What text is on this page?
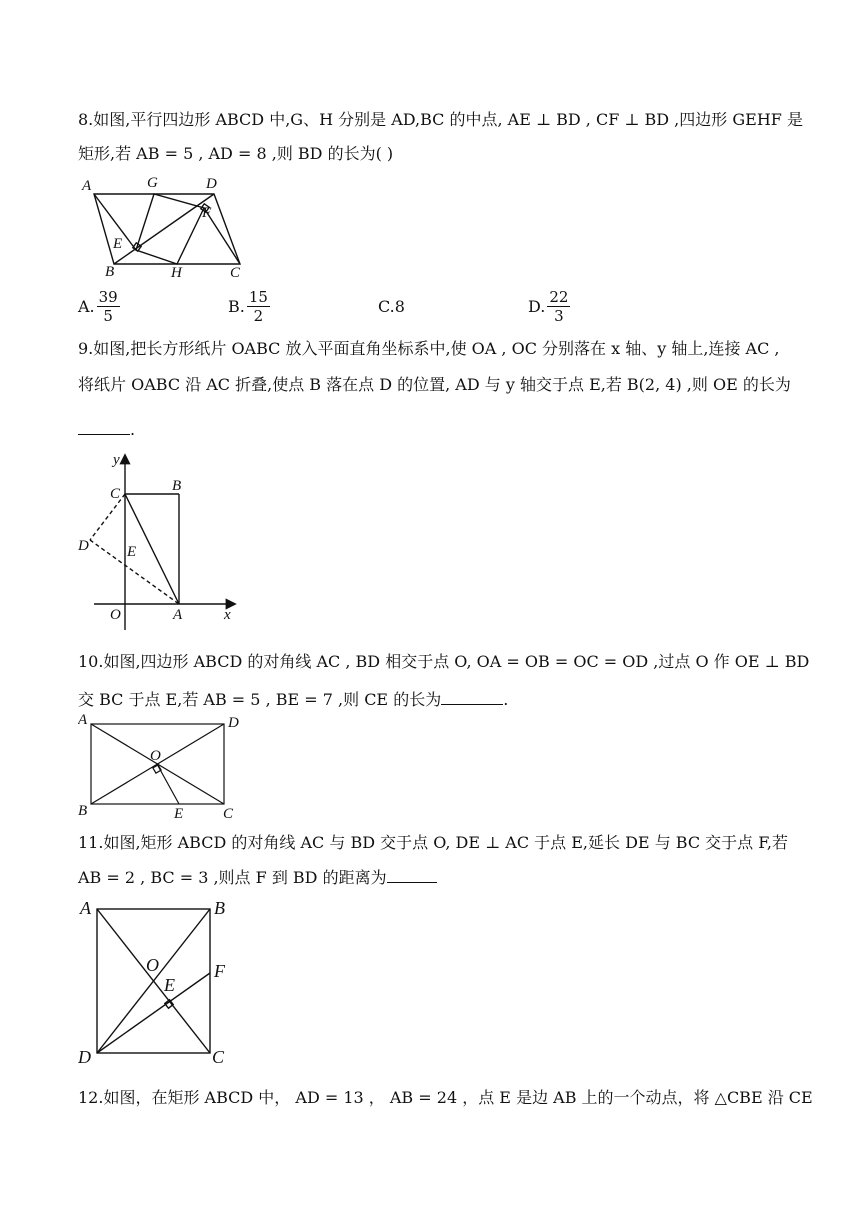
8.如图,平行四边形 ABCD 中,G、H 分别是 AD,BC 的中点, AE ⊥ BD , CF ⊥ BD ,四边形 GEHF 是
矩形,若 AB = 5 , AD = 8 ,则 BD 的长为( )
A	G	D
F
E
B	H	C
A. $\frac{39}{5}$	B. $\frac{15}{2}$	C.8	D. $\frac{22}{3}$
9.如图,把长方形纸片 OABC 放入平面直角坐标系中,使 OA , OC 分别落在 x 轴、y 轴上,连接 AC ,
将纸片 OABC 沿 AC 折叠,使点 B 落在点 D 的位置, AD 与 y 轴交于点 E,若 B(2, 4) ,则 OE 的长为
.
y
C	B
D	E
O	A	x
10.如图,四边形 ABCD 的对角线 AC , BD 相交于点 O, OA = OB = OC = OD ,过点 O 作 OE ⊥ BD
交 BC 于点 E,若 AB = 5 , BE = 7 ,则 CE 的长为	.
A	D
O
B	E	C
11.如图,矩形 ABCD 的对角线 AC 与 BD 交于点 O, DE ⊥ AC 于点 E,延长 DE 与 BC 交于点 F,若
AB = 2 , BC = 3 ,则点 F 到 BD 的距离为
A	B
O	F
E
D	C
12.如图，在矩形 ABCD 中， AD = 13 ， AB = 24 ，点 E 是边 AB 上的一个动点，将 △CBE 沿 CE
